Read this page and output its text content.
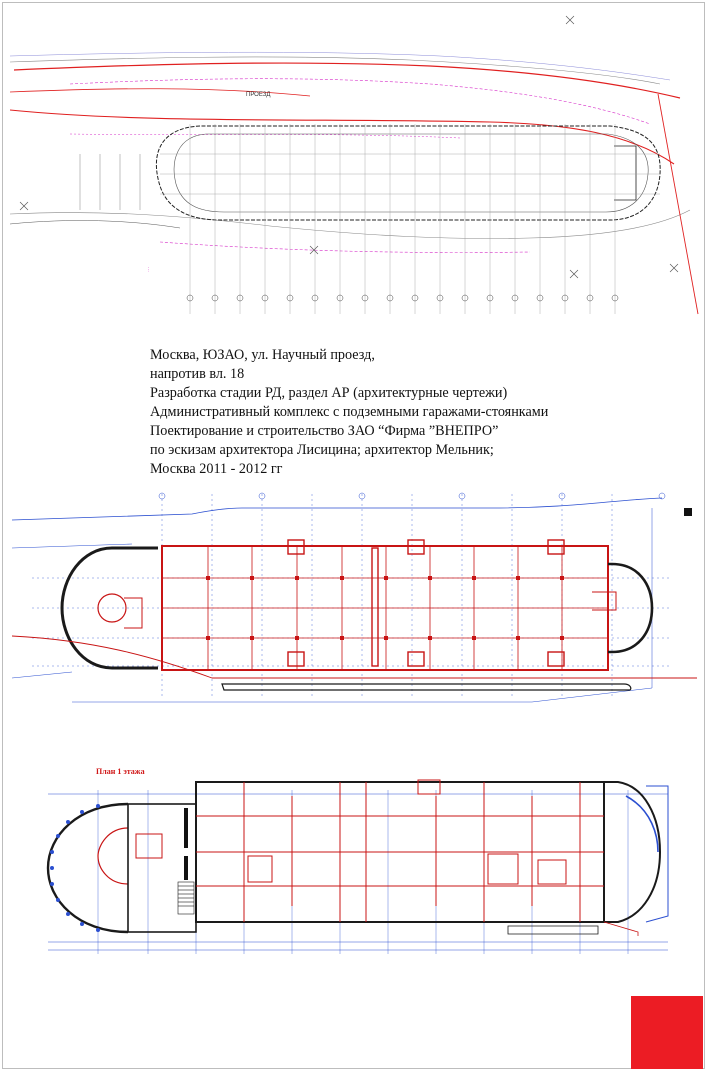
ПРОЕЗД
···
Москва, ЮЗАО, ул. Научный проезд,
напротив вл. 18
Разработка стадии РД, раздел АР (архитектурные чертежи)
Административный комплекс с подземными гаражами-стоянками
Поектирование и строительство ЗАО “Фирма ”ВНЕПРО”
по эскизам архитектора Лисицина; архитектор Мельник;
Москва 2011 - 2012 гг
План 1 этажа
